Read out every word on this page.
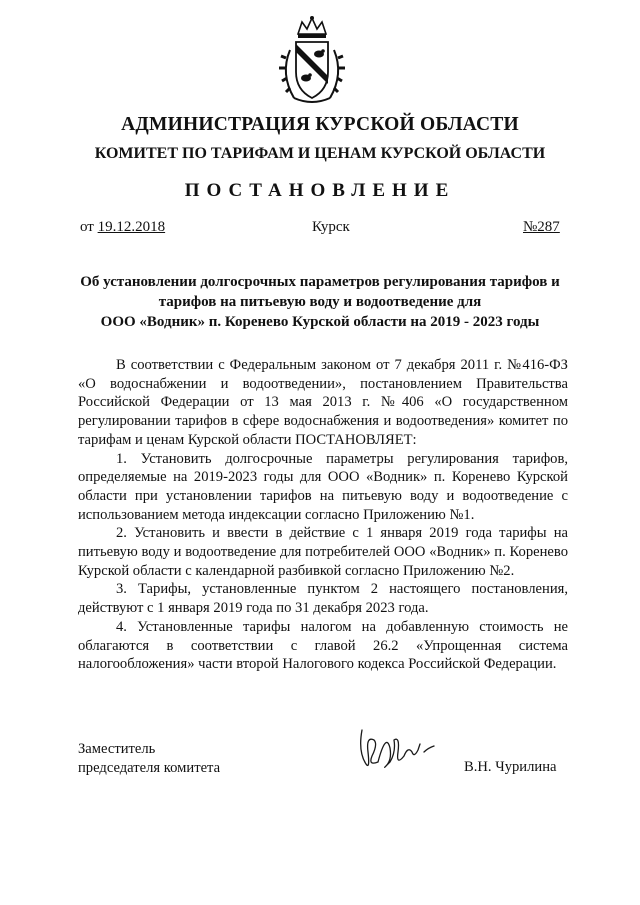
АДМИНИСТРАЦИЯ КУРСКОЙ ОБЛАСТИ
КОМИТЕТ ПО ТАРИФАМ И ЦЕНАМ КУРСКОЙ ОБЛАСТИ
ПОСТАНОВЛЕНИЕ
от 19.12.2018	Курск	№287
Об установлении долгосрочных параметров регулирования тарифов и
тарифов на питьевую воду и водоотведение для
ООО «Водник» п. Коренево Курской области на 2019 - 2023 годы

В соответствии с Федеральным законом от 7 декабря 2011 г. №416-ФЗ «О водоснабжении и водоотведении», постановлением Правительства Российской Федерации от 13 мая 2013 г. №406 «О государственном регулировании тарифов в сфере водоснабжения и водоотведения» комитет по тарифам и ценам Курской области ПОСТАНОВЛЯЕТ:

1. Установить долгосрочные параметры регулирования тарифов, определяемые на 2019-2023 годы для ООО «Водник» п. Коренево Курской области при установлении тарифов на питьевую воду и водоотведение с использованием метода индексации согласно Приложению №1.

2. Установить и ввести в действие с 1 января 2019 года тарифы на питьевую воду и водоотведение для потребителей ООО «Водник» п. Коренево Курской области с календарной разбивкой согласно Приложению №2.

3. Тарифы, установленные пунктом 2 настоящего постановления, действуют с 1 января 2019 года по 31 декабря 2023 года.

4. Установленные тарифы налогом на добавленную стоимость не облагаются в соответствии с главой 26.2 «Упрощенная система налогообложения» части второй Налогового кодекса Российской Федерации.

Заместитель
председателя комитета	В.Н. Чурилина
